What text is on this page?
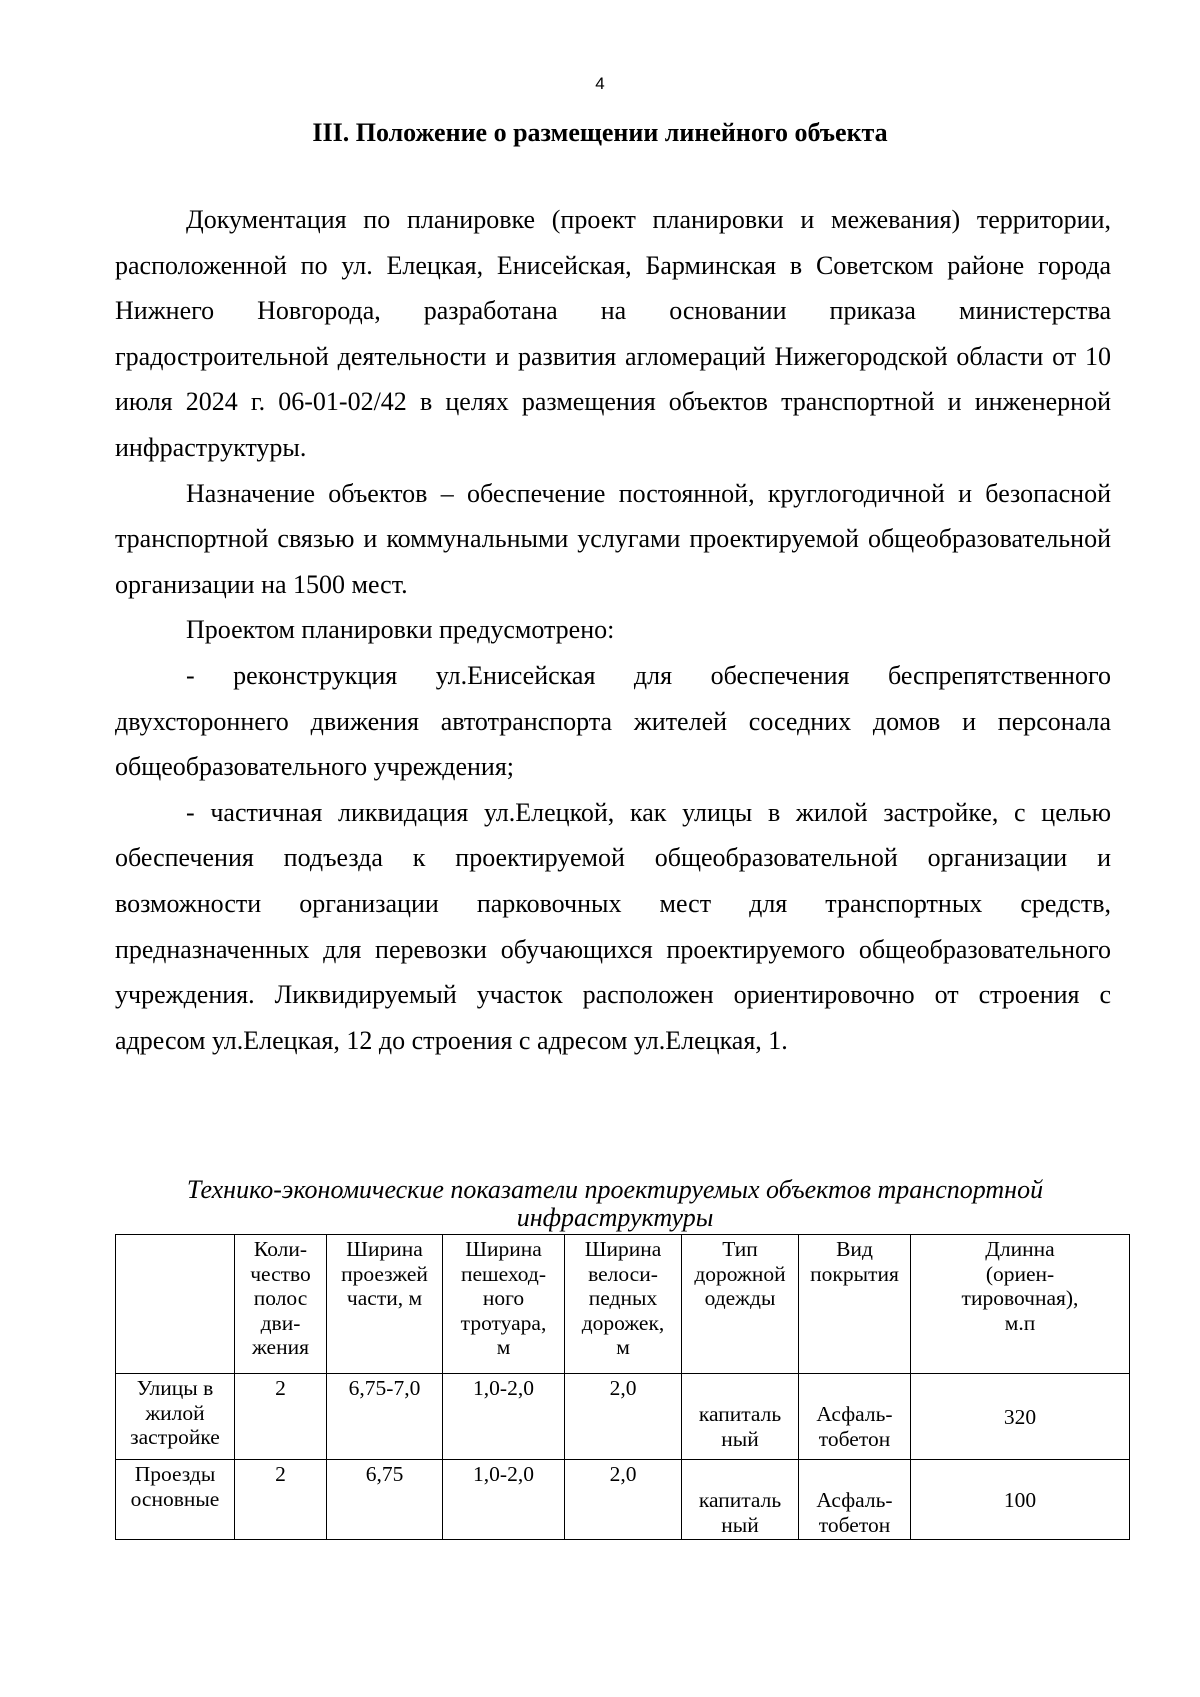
4
III. Положение о размещении линейного объекта

Документация по планировке (проект планировки и межевания) территории, расположенной по ул. Елецкая, Енисейская, Барминская в Советском районе города Нижнего Новгорода, разработана на основании приказа министерства градостроительной деятельности и развития агломераций Нижегородской области от 10 июля 2024 г. 06-01-02/42 в целях размещения объектов транспортной и инженерной инфраструктуры.

Назначение объектов – обеспечение постоянной, круглогодичной и безопасной транспортной связью и коммунальными услугами проектируемой общеобразовательной организации на 1500 мест.

Проектом планировки предусмотрено:

- реконструкция ул.Енисейская для обеспечения беспрепятственного двухстороннего движения автотранспорта жителей соседних домов и персонала общеобразовательного учреждения;

- частичная ликвидация ул.Елецкой, как улицы в жилой застройке, с целью обеспечения подъезда к проектируемой общеобразовательной организации и возможности организации парковочных мест для транспортных средств, предназначенных для перевозки обучающихся проектируемого общеобразовательного учреждения. Ликвидируемый участок расположен ориентировочно от строения с адресом ул.Елецкая, 12 до строения с адресом ул.Елецкая, 1.

Технико-экономические показатели проектируемых объектов транспортной инфраструктуры
	Коли-
чество
полос
дви-
жения	Ширина
проезжей
части, м	Ширина
пешеход-
ного
тротуара,
м	Ширина
велоси-
педных
дорожек,
м	Тип
дорожной
одежды	Вид
покрытия	Длинна
(ориен-
тировочная),
м.п
Улицы в
жилой
застройке	2	6,75-7,0	1,0-2,0	2,0	капиталь
ный	Асфаль-
тобетон	320
Проезды
основные	2	6,75	1,0-2,0	2,0	капиталь
ный	Асфаль-
тобетон	100
